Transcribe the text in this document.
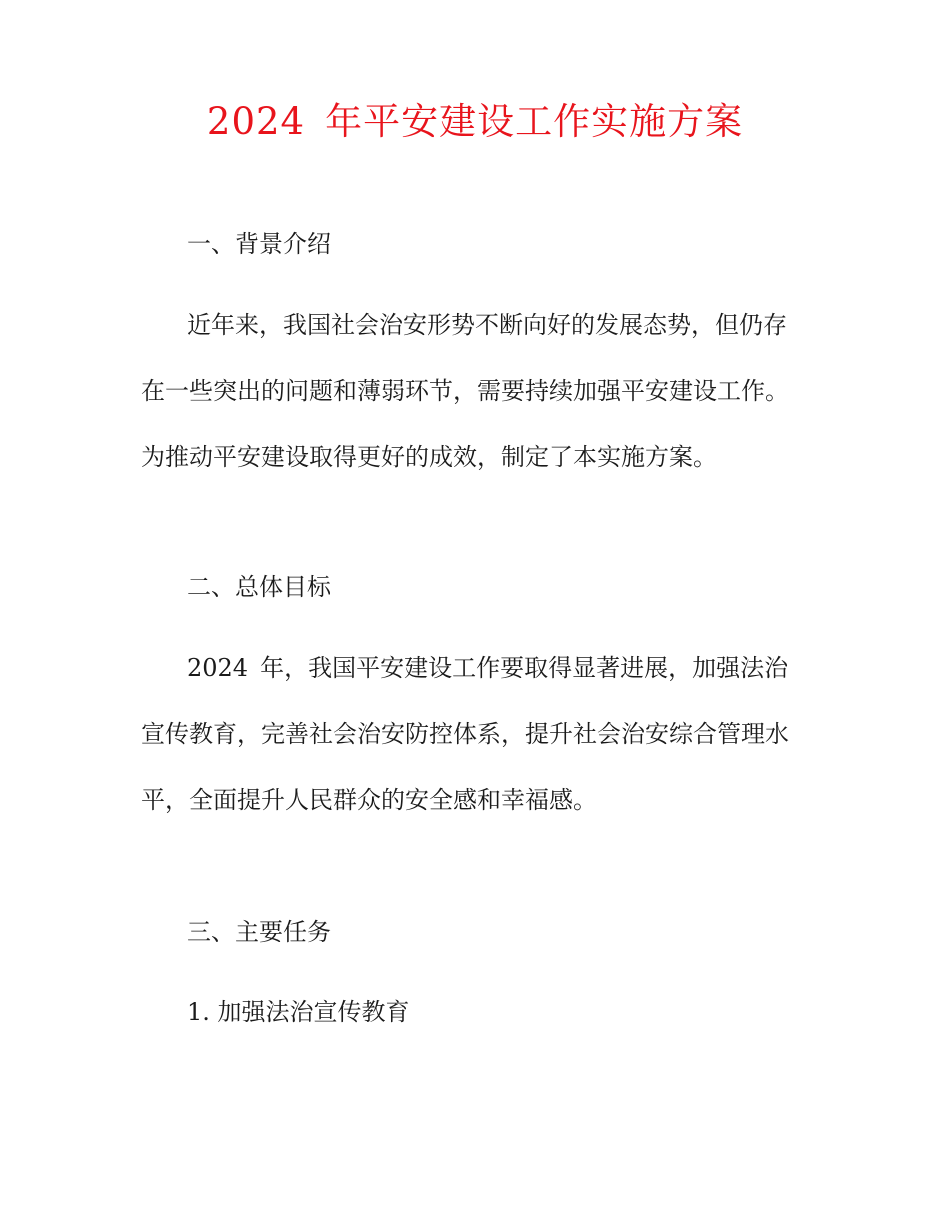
2024 年平安建设工作实施方案
一、背景介绍
近年来，我国社会治安形势不断向好的发展态势，但仍存
在一些突出的问题和薄弱环节，需要持续加强平安建设工作。
为推动平安建设取得更好的成效，制定了本实施方案。
二、总体目标
2024 年，我国平安建设工作要取得显著进展，加强法治
宣传教育，完善社会治安防控体系，提升社会治安综合管理水
平，全面提升人民群众的安全感和幸福感。
三、主要任务
1. 加强法治宣传教育
